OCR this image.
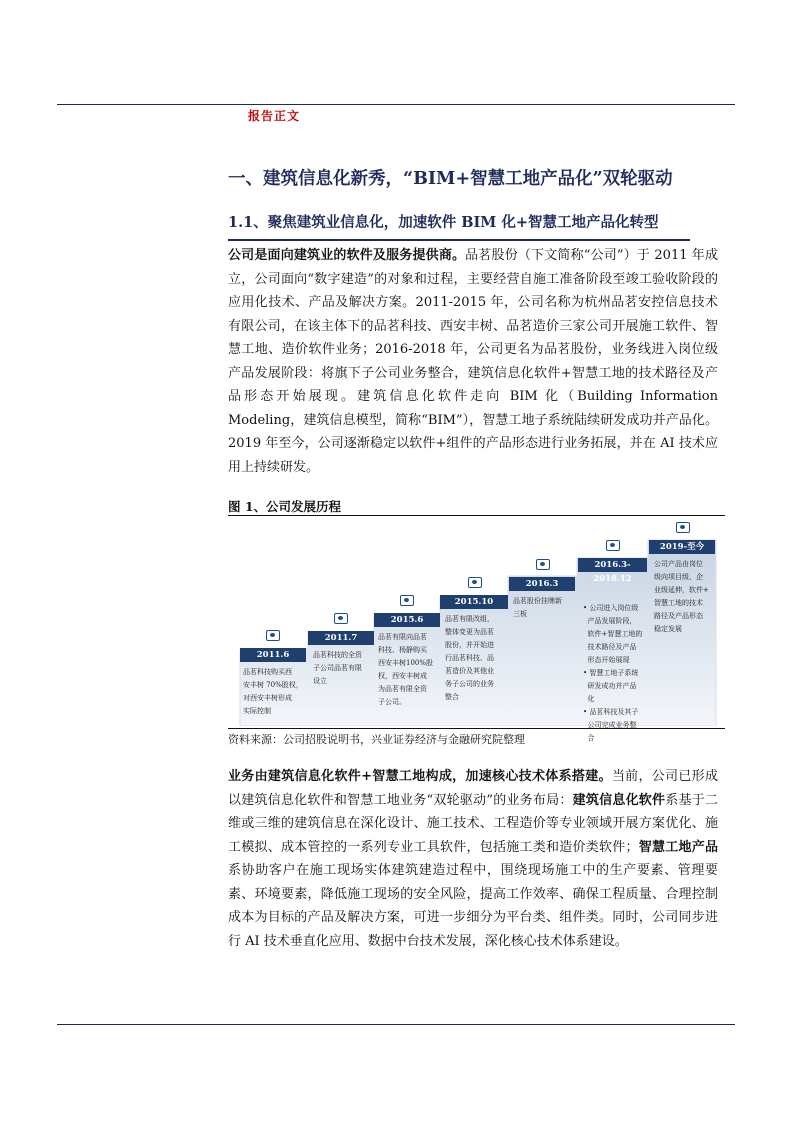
报告正文
一、建筑信息化新秀，“BIM+智慧工地产品化”双轮驱动
1.1、聚焦建筑业信息化，加速软件 BIM 化+智慧工地产品化转型
公司是面向建筑业的软件及服务提供商。品茗股份（下文简称“公司”）于 2011 年成立，公司面向“数字建造”的对象和过程，主要经营自施工准备阶段至竣工验收阶段的应用化技术、产品及解决方案。2011-2015 年，公司名称为杭州品茗安控信息技术有限公司，在该主体下的品茗科技、西安丰树、品茗造价三家公司开展施工软件、智慧工地、造价软件业务；2016-2018 年，公司更名为品茗股份，业务线进入岗位级产品发展阶段：将旗下子公司业务整合，建筑信息化软件+智慧工地的技术路径及产品形态开始展现。建筑信息化软件走向 BIM 化（Building Information Modeling，建筑信息模型，简称“BIM”），智慧工地子系统陆续研发成功并产品化。2019 年至今，公司逐渐稳定以软件+组件的产品形态进行业务拓展，并在 AI 技术应用上持续研发。
图 1、公司发展历程
2011.6

品茗科技购买西

安丰树 70%股权，

对西安丰树形成

实际控制

2011.7

品茗科技的全资

子公司品茗有限

设立

2015.6

品茗有限向品茗

科技、杨静购买

西安丰树100%股

权，西安丰树成

为品茗有限全资

子公司。

2015.10

品茗有限改组，

整体变更为品茗

股份，并开始进

行品茗科技、品

茗造价及其他业

务子公司的业务

整合

2016.3

品茗股份挂牌新

三板

2016.3-2018.12

• 公司进入岗位级

产品发展阶段，

软件+智慧工地的

技术路径及产品

形态开始展现

• 智慧工地子系统

研发成功并产品

化

• 品茗科技及其子

公司完成业务整

合

2019-至今

公司产品由岗位

级向项目级、企

业级延伸，软件+

智慧工地的技术

路径及产品形态

稳定发展

资料来源：公司招股说明书，兴业证券经济与金融研究院整理
业务由建筑信息化软件+智慧工地构成，加速核心技术体系搭建。当前，公司已形成以建筑信息化软件和智慧工地业务“双轮驱动”的业务布局：建筑信息化软件系基于二维或三维的建筑信息在深化设计、施工技术、工程造价等专业领域开展方案优化、施工模拟、成本管控的一系列专业工具软件，包括施工类和造价类软件；智慧工地产品系协助客户在施工现场实体建筑建造过程中，围绕现场施工中的生产要素、管理要素、环境要素，降低施工现场的安全风险，提高工作效率、确保工程质量、合理控制成本为目标的产品及解决方案，可进一步细分为平台类、组件类。同时，公司同步进行 AI 技术垂直化应用、数据中台技术发展，深化核心技术体系建设。
